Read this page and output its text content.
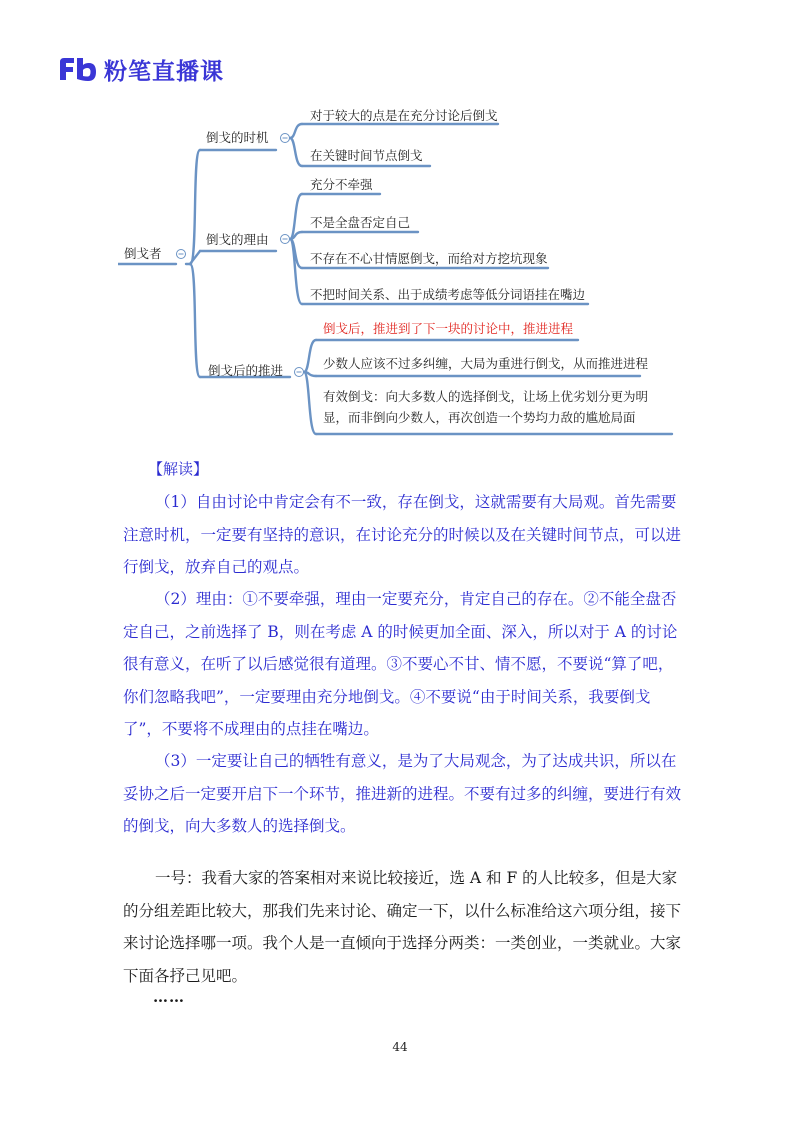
粉笔直播课
倒戈者
倒戈的时机
倒戈的理由
倒戈后的推进
对于较大的点是在充分讨论后倒戈
在关键时间节点倒戈
充分不牵强
不是全盘否定自己
不存在不心甘情愿倒戈，而给对方挖坑现象
不把时间关系、出于成绩考虑等低分词语挂在嘴边
倒戈后，推进到了下一块的讨论中，推进进程
少数人应该不过多纠缠，大局为重进行倒戈，从而推进进程
有效倒戈：向大多数人的选择倒戈，让场上优劣划分更为明显，而非倒向少数人，再次创造一个势均力敌的尴尬局面
【解读】

（1）自由讨论中肯定会有不一致，存在倒戈，这就需要有大局观。首先需要注意时机，一定要有坚持的意识，在讨论充分的时候以及在关键时间节点，可以进行倒戈，放弃自己的观点。

（2）理由：①不要牵强，理由一定要充分，肯定自己的存在。②不能全盘否定自己，之前选择了 B，则在考虑 A 的时候更加全面、深入，所以对于 A 的讨论很有意义，在听了以后感觉很有道理。③不要心不甘、情不愿，不要说“算了吧，你们忽略我吧”，一定要理由充分地倒戈。④不要说“由于时间关系，我要倒戈了”，不要将不成理由的点挂在嘴边。

（3）一定要让自己的牺牲有意义，是为了大局观念，为了达成共识，所以在妥协之后一定要开启下一个环节，推进新的进程。不要有过多的纠缠，要进行有效的倒戈，向大多数人的选择倒戈。

一号：我看大家的答案相对来说比较接近，选 A 和 F 的人比较多，但是大家的分组差距比较大，那我们先来讨论、确定一下，以什么标准给这六项分组，接下来讨论选择哪一项。我个人是一直倾向于选择分两类：一类创业，一类就业。大家下面各抒己见吧。

……
44
